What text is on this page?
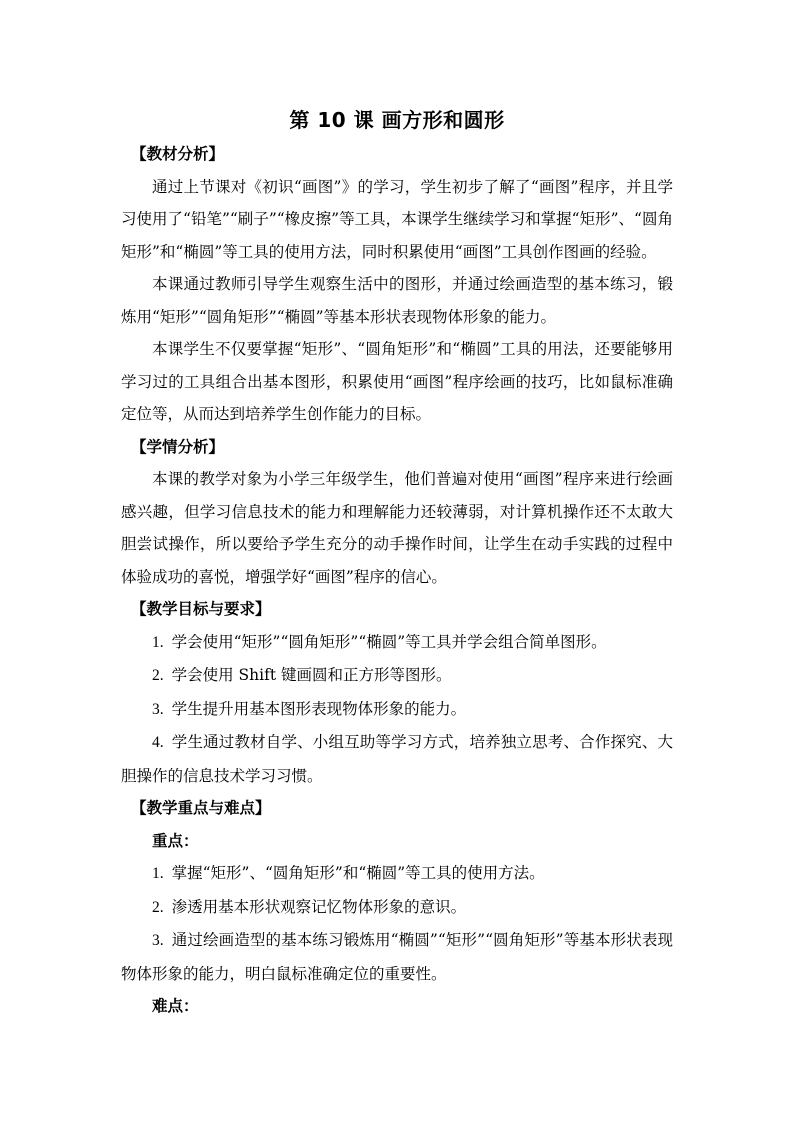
第 10 课 画方形和圆形

【教材分析】

通过上节课对《初识“画图”》的学习，学生初步了解了“画图”程序，并且学习使用了“铅笔”“刷子”“橡皮擦”等工具，本课学生继续学习和掌握“矩形”、“圆角矩形”和“椭圆”等工具的使用方法，同时积累使用“画图”工具创作图画的经验。

本课通过教师引导学生观察生活中的图形，并通过绘画造型的基本练习，锻炼用“矩形”“圆角矩形”“椭圆”等基本形状表现物体形象的能力。

本课学生不仅要掌握“矩形”、“圆角矩形”和“椭圆”工具的用法，还要能够用学习过的工具组合出基本图形，积累使用“画图”程序绘画的技巧，比如鼠标准确定位等，从而达到培养学生创作能力的目标。

【学情分析】

本课的教学对象为小学三年级学生，他们普遍对使用“画图”程序来进行绘画感兴趣，但学习信息技术的能力和理解能力还较薄弱，对计算机操作还不太敢大胆尝试操作，所以要给予学生充分的动手操作时间，让学生在动手实践的过程中体验成功的喜悦，增强学好“画图”程序的信心。

【教学目标与要求】

1. 学会使用“矩形”“圆角矩形”“椭圆”等工具并学会组合简单图形。

2. 学会使用 Shift 键画圆和正方形等图形。

3. 学生提升用基本图形表现物体形象的能力。

4. 学生通过教材自学、小组互助等学习方式，培养独立思考、合作探究、大胆操作的信息技术学习习惯。

【教学重点与难点】

重点：

1. 掌握“矩形”、“圆角矩形”和“椭圆”等工具的使用方法。

2. 渗透用基本形状观察记忆物体形象的意识。

3. 通过绘画造型的基本练习锻炼用“椭圆”“矩形”“圆角矩形”等基本形状表现物体形象的能力，明白鼠标准确定位的重要性。

难点：
